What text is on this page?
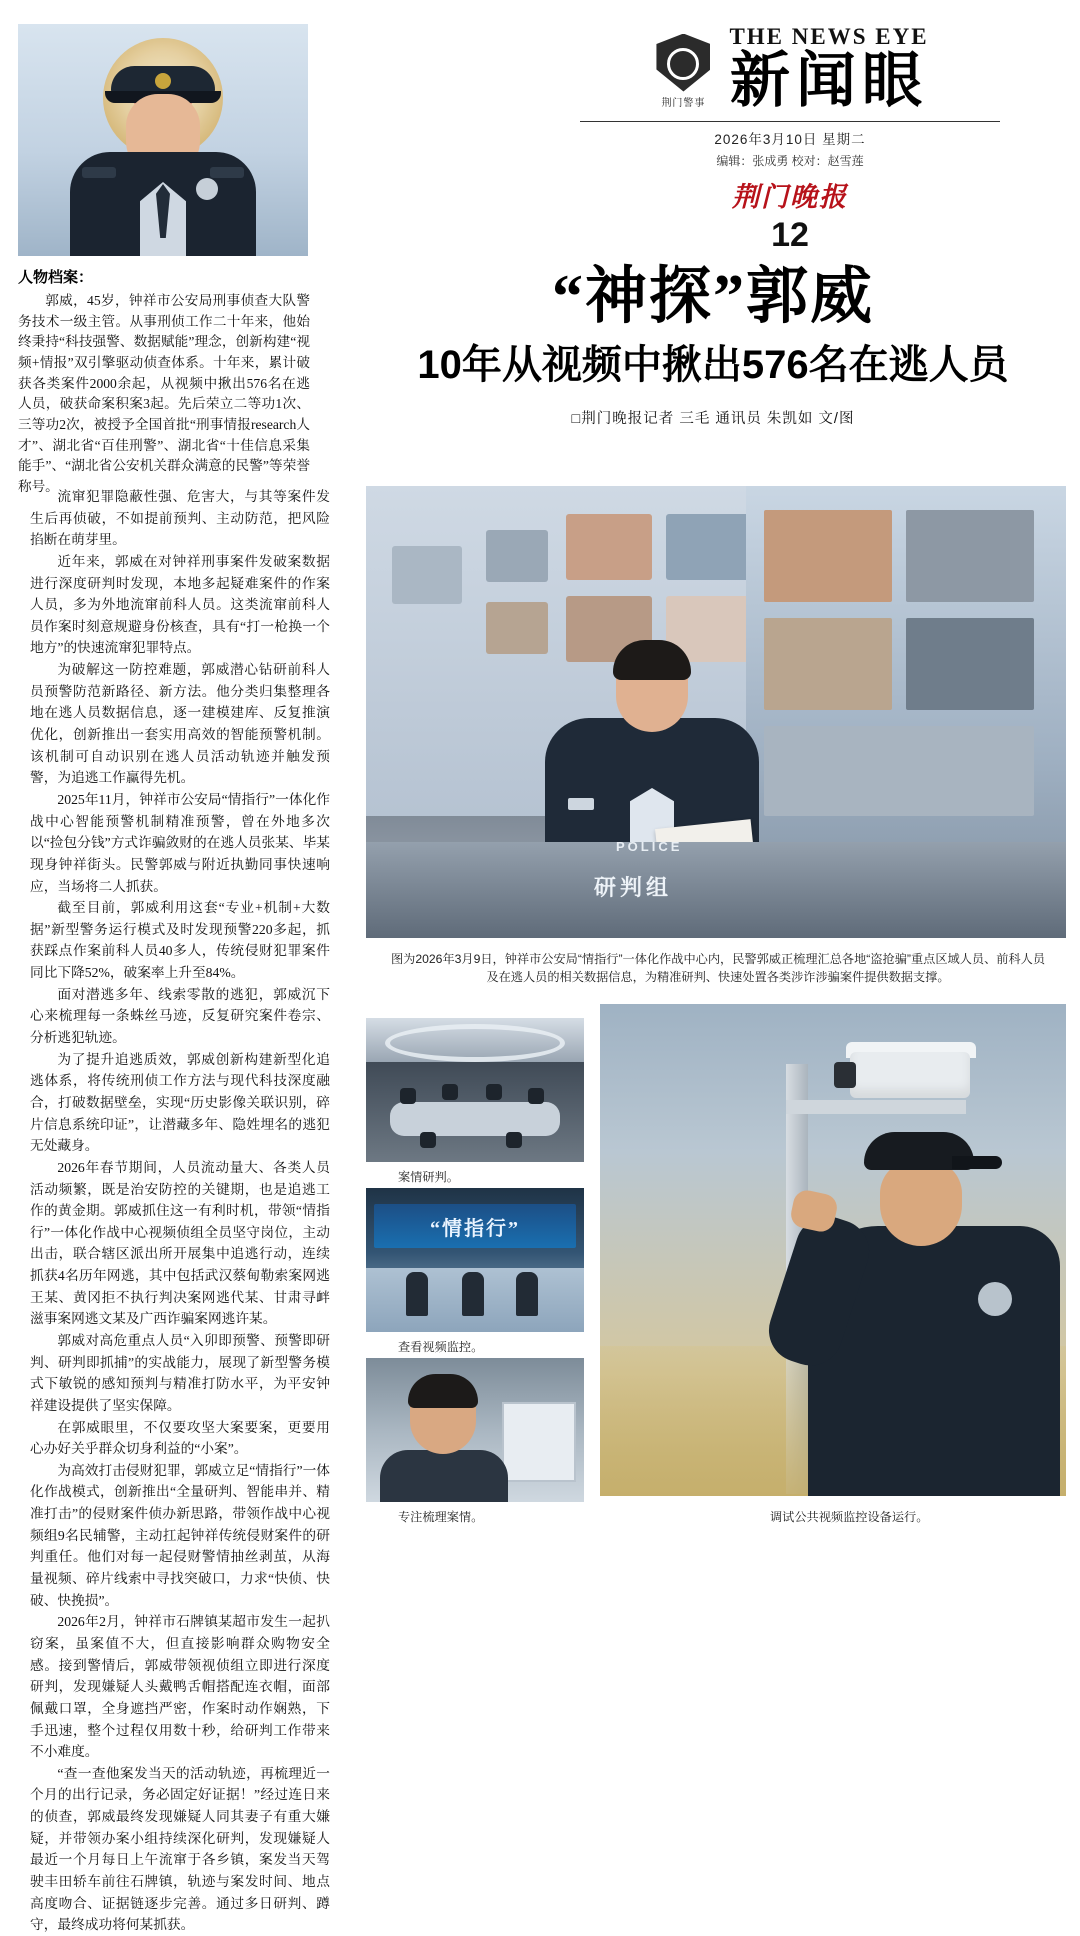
人物档案：

郭威，45岁，钟祥市公安局刑事侦查大队警务技术一级主管。从事刑侦工作二十年来，他始终秉持“科技强警、数据赋能”理念，创新构建“视频+情报”双引擎驱动侦查体系。十年来，累计破获各类案件2000余起，从视频中揪出576名在逃人员，破获命案积案3起。先后荣立二等功1次、三等功2次，被授予全国首批“刑事情报research人才”、湖北省“百佳刑警”、湖北省“十佳信息采集能手”、“湖北省公安机关群众满意的民警”等荣誉称号。

荆门警事
THE NEWS EYE
新闻眼
2026年3月10日 星期二
编辑：张成勇 校对：赵雪莲
荆门晚报
12
“神探”郭威
10年从视频中揪出576名在逃人员
□荆门晚报记者 三毛 通讯员 朱凯如 文/图

流窜犯罪隐蔽性强、危害大，与其等案件发生后再侦破，不如提前预判、主动防范，把风险掐断在萌芽里。

近年来，郭威在对钟祥刑事案件发破案数据进行深度研判时发现，本地多起疑难案件的作案人员，多为外地流窜前科人员。这类流窜前科人员作案时刻意规避身份核查，具有“打一枪换一个地方”的快速流窜犯罪特点。

为破解这一防控难题，郭威潜心钻研前科人员预警防范新路径、新方法。他分类归集整理各地在逃人员数据信息，逐一建模建库、反复推演优化，创新推出一套实用高效的智能预警机制。该机制可自动识别在逃人员活动轨迹并触发预警，为追逃工作赢得先机。

2025年11月，钟祥市公安局“情指行”一体化作战中心智能预警机制精准预警，曾在外地多次以“捡包分钱”方式诈骗敛财的在逃人员张某、毕某现身钟祥街头。民警郭威与附近执勤同事快速响应，当场将二人抓获。

截至目前，郭威利用这套“专业+机制+大数据”新型警务运行模式及时发现预警220多起，抓获踩点作案前科人员40多人，传统侵财犯罪案件同比下降52%，破案率上升至84%。

面对潜逃多年、线索零散的逃犯，郭威沉下心来梳理每一条蛛丝马迹，反复研究案件卷宗、分析逃犯轨迹。

为了提升追逃质效，郭威创新构建新型化追逃体系，将传统刑侦工作方法与现代科技深度融合，打破数据壁垒，实现“历史影像关联识别，碎片信息系统印证”，让潜藏多年、隐姓埋名的逃犯无处藏身。

2026年春节期间，人员流动量大、各类人员活动频繁，既是治安防控的关键期，也是追逃工作的黄金期。郭威抓住这一有利时机，带领“情指行”一体化作战中心视频侦组全员坚守岗位，主动出击，联合辖区派出所开展集中追逃行动，连续抓获4名历年网逃，其中包括武汉蔡甸勒索案网逃王某、黄冈拒不执行判决案网逃代某、甘肃寻衅滋事案网逃文某及广西诈骗案网逃许某。

郭威对高危重点人员“入卯即预警、预警即研判、研判即抓捕”的实战能力，展现了新型警务模式下敏锐的感知预判与精准打防水平，为平安钟祥建设提供了坚实保障。

在郭威眼里，不仅要攻坚大案要案，更要用心办好关乎群众切身利益的“小案”。

为高效打击侵财犯罪，郭威立足“情指行”一体化作战模式，创新推出“全量研判、智能串并、精准打击”的侵财案件侦办新思路，带领作战中心视频组9名民辅警，主动扛起钟祥传统侵财案件的研判重任。他们对每一起侵财警情抽丝剥茧，从海量视频、碎片线索中寻找突破口，力求“快侦、快破、快挽损”。

2026年2月，钟祥市石牌镇某超市发生一起扒窃案，虽案值不大，但直接影响群众购物安全感。接到警情后，郭威带领视侦组立即进行深度研判，发现嫌疑人头戴鸭舌帽搭配连衣帽，面部佩戴口罩，全身遮挡严密，作案时动作娴熟，下手迅速，整个过程仅用数十秒，给研判工作带来不小难度。

“查一查他案发当天的活动轨迹，再梳理近一个月的出行记录，务必固定好证据！”经过连日来的侦查，郭威最终发现嫌疑人同其妻子有重大嫌疑，并带领办案小组持续深化研判，发现嫌疑人最近一个月每日上午流窜于各乡镇，案发当天驾驶丰田轿车前往石牌镇，轨迹与案发时间、地点高度吻合、证据链逐步完善。通过多日研判、蹲守，最终成功将何某抓获。

POLICE
研判组
图为2026年3月9日，钟祥市公安局“情指行”一体化作战中心内，民警郭威正梳理汇总各地“盗抢骗”重点区域人员、前科人员及在逃人员的相关数据信息，为精准研判、快速处置各类涉诈涉骗案件提供数据支撑。
案情研判。
“情指行”
查看视频监控。
专注梳理案情。	调试公共视频监控设备运行。
